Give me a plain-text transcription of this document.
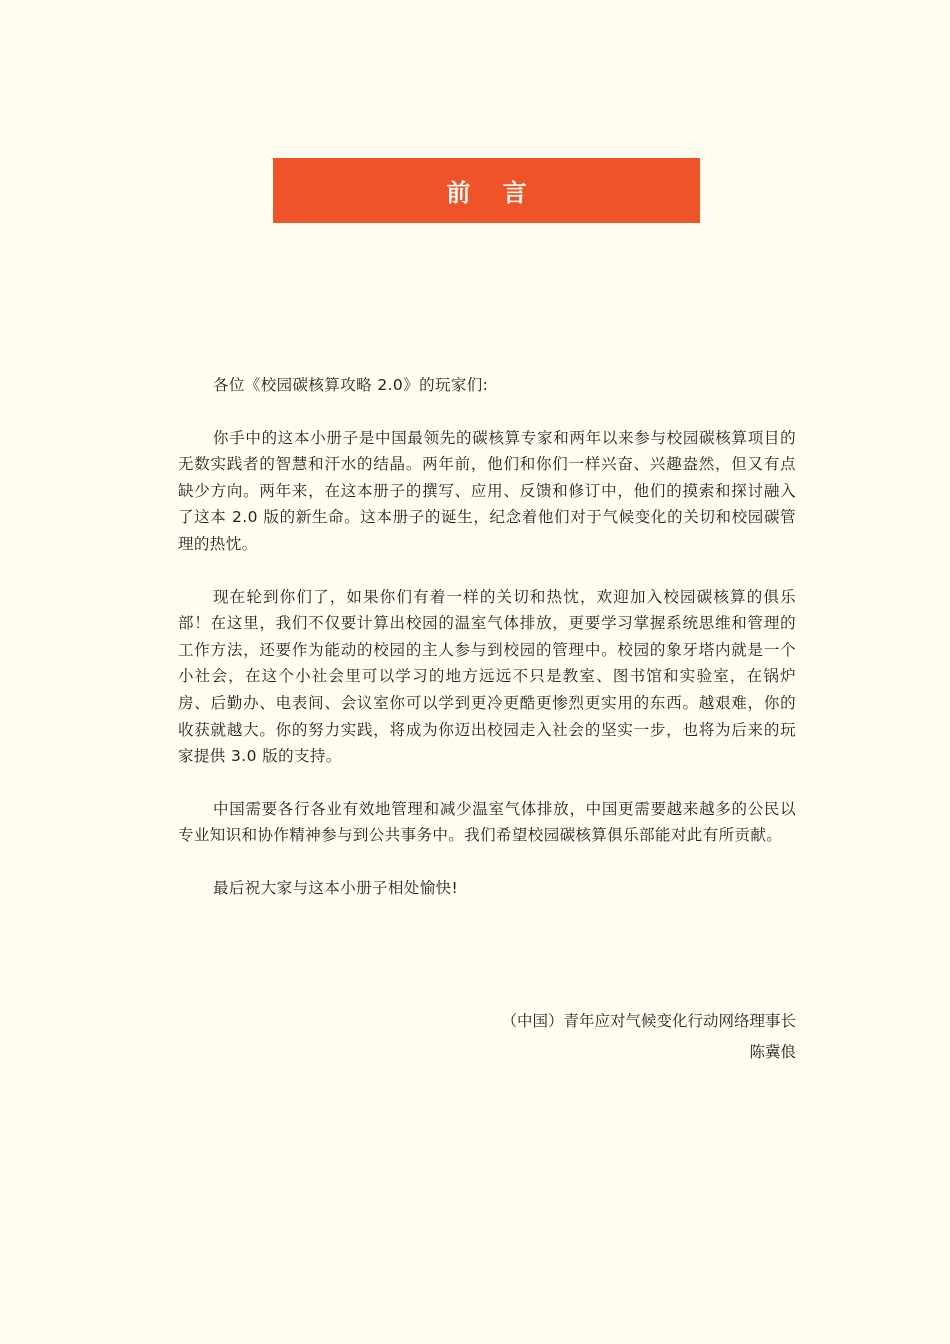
前 言

各位《校园碳核算攻略 2.0》的玩家们:

你手中的这本小册子是中国最领先的碳核算专家和两年以来参与校园碳核算项目的无数实践者的智慧和汗水的结晶。两年前，他们和你们一样兴奋、兴趣盎然，但又有点缺少方向。两年来，在这本册子的撰写、应用、反馈和修订中，他们的摸索和探讨融入了这本 2.0 版的新生命。这本册子的诞生，纪念着他们对于气候变化的关切和校园碳管理的热忱。

现在轮到你们了，如果你们有着一样的关切和热忱，欢迎加入校园碳核算的俱乐部！在这里，我们不仅要计算出校园的温室气体排放，更要学习掌握系统思维和管理的工作方法，还要作为能动的校园的主人参与到校园的管理中。校园的象牙塔内就是一个小社会，在这个小社会里可以学习的地方远远不只是教室、图书馆和实验室，在锅炉房、后勤办、电表间、会议室你可以学到更冷更酷更惨烈更实用的东西。越艰难，你的收获就越大。你的努力实践，将成为你迈出校园走入社会的坚实一步，也将为后来的玩家提供 3.0 版的支持。

中国需要各行各业有效地管理和减少温室气体排放，中国更需要越来越多的公民以专业知识和协作精神参与到公共事务中。我们希望校园碳核算俱乐部能对此有所贡献。

最后祝大家与这本小册子相处愉快!

（中国）青年应对气候变化行动网络理事长
陈冀俍
